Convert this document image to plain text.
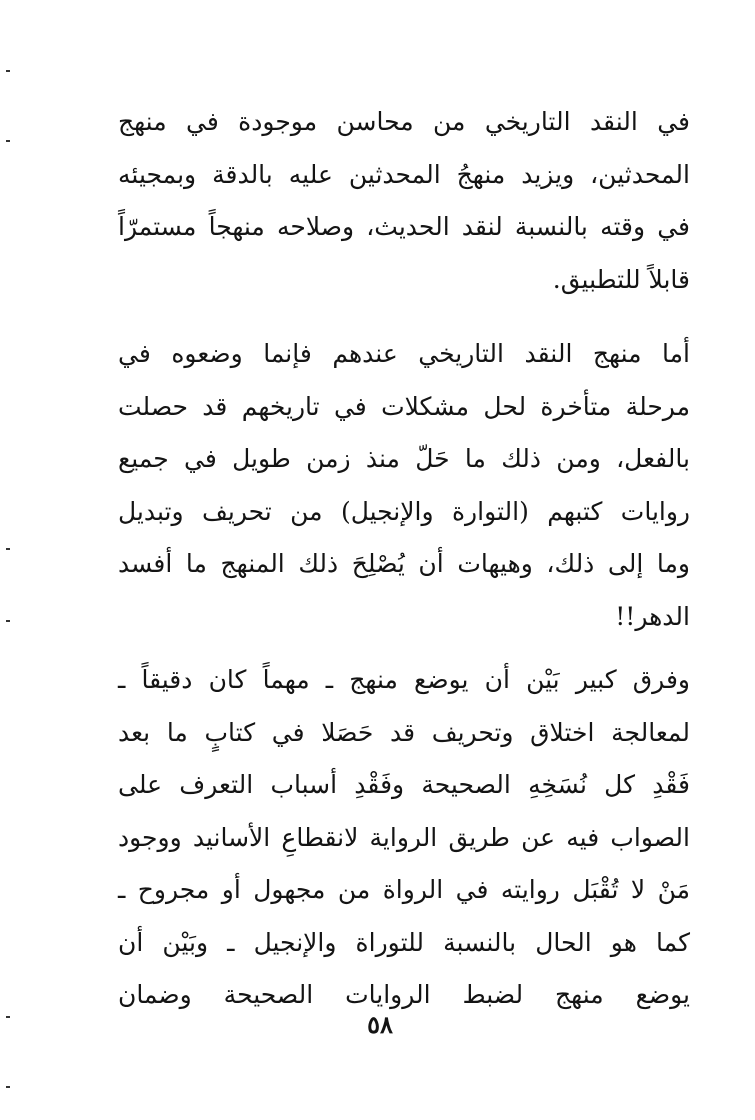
في النقد التاريخي من محاسن موجودة في منهج
المحدثين، ويزيد منهجُ المحدثين عليه بالدقة وبمجيئه
في وقته بالنسبة لنقد الحديث، وصلاحه منهجاً مستمرّاً
قابلاً للتطبيق.
أما منهج النقد التاريخي عندهم فإنما وضعوه في
مرحلة متأخرة لحل مشكلات في تاريخهم قد حصلت
بالفعل، ومن ذلك ما حَلّ منذ زمن طويل في جميع
روايات كتبهم (التوارة والإنجيل) من تحريف وتبديل
وما إلى ذلك، وهيهات أن يُصْلِحَ ذلك المنهج ما أفسد
الدهر!!
وفرق كبير بَيْن أن يوضع منهج ـ مهماً كان دقيقاً ـ
لمعالجة اختلاق وتحريف قد حَصَلا في كتابٍ ما بعد
فَقْدِ كل نُسَخِهِ الصحيحة وفَقْدِ أسباب التعرف على
الصواب فيه عن طريق الرواية لانقطاعِ الأسانيد ووجود
مَنْ لا تُقْبَل روايته في الرواة من مجهول أو مجروح ـ
كما هو الحال بالنسبة للتوراة والإنجيل ـ وبَيْن أن
يوضع منهج لضبط الروايات الصحيحة وضمان
٥٨
